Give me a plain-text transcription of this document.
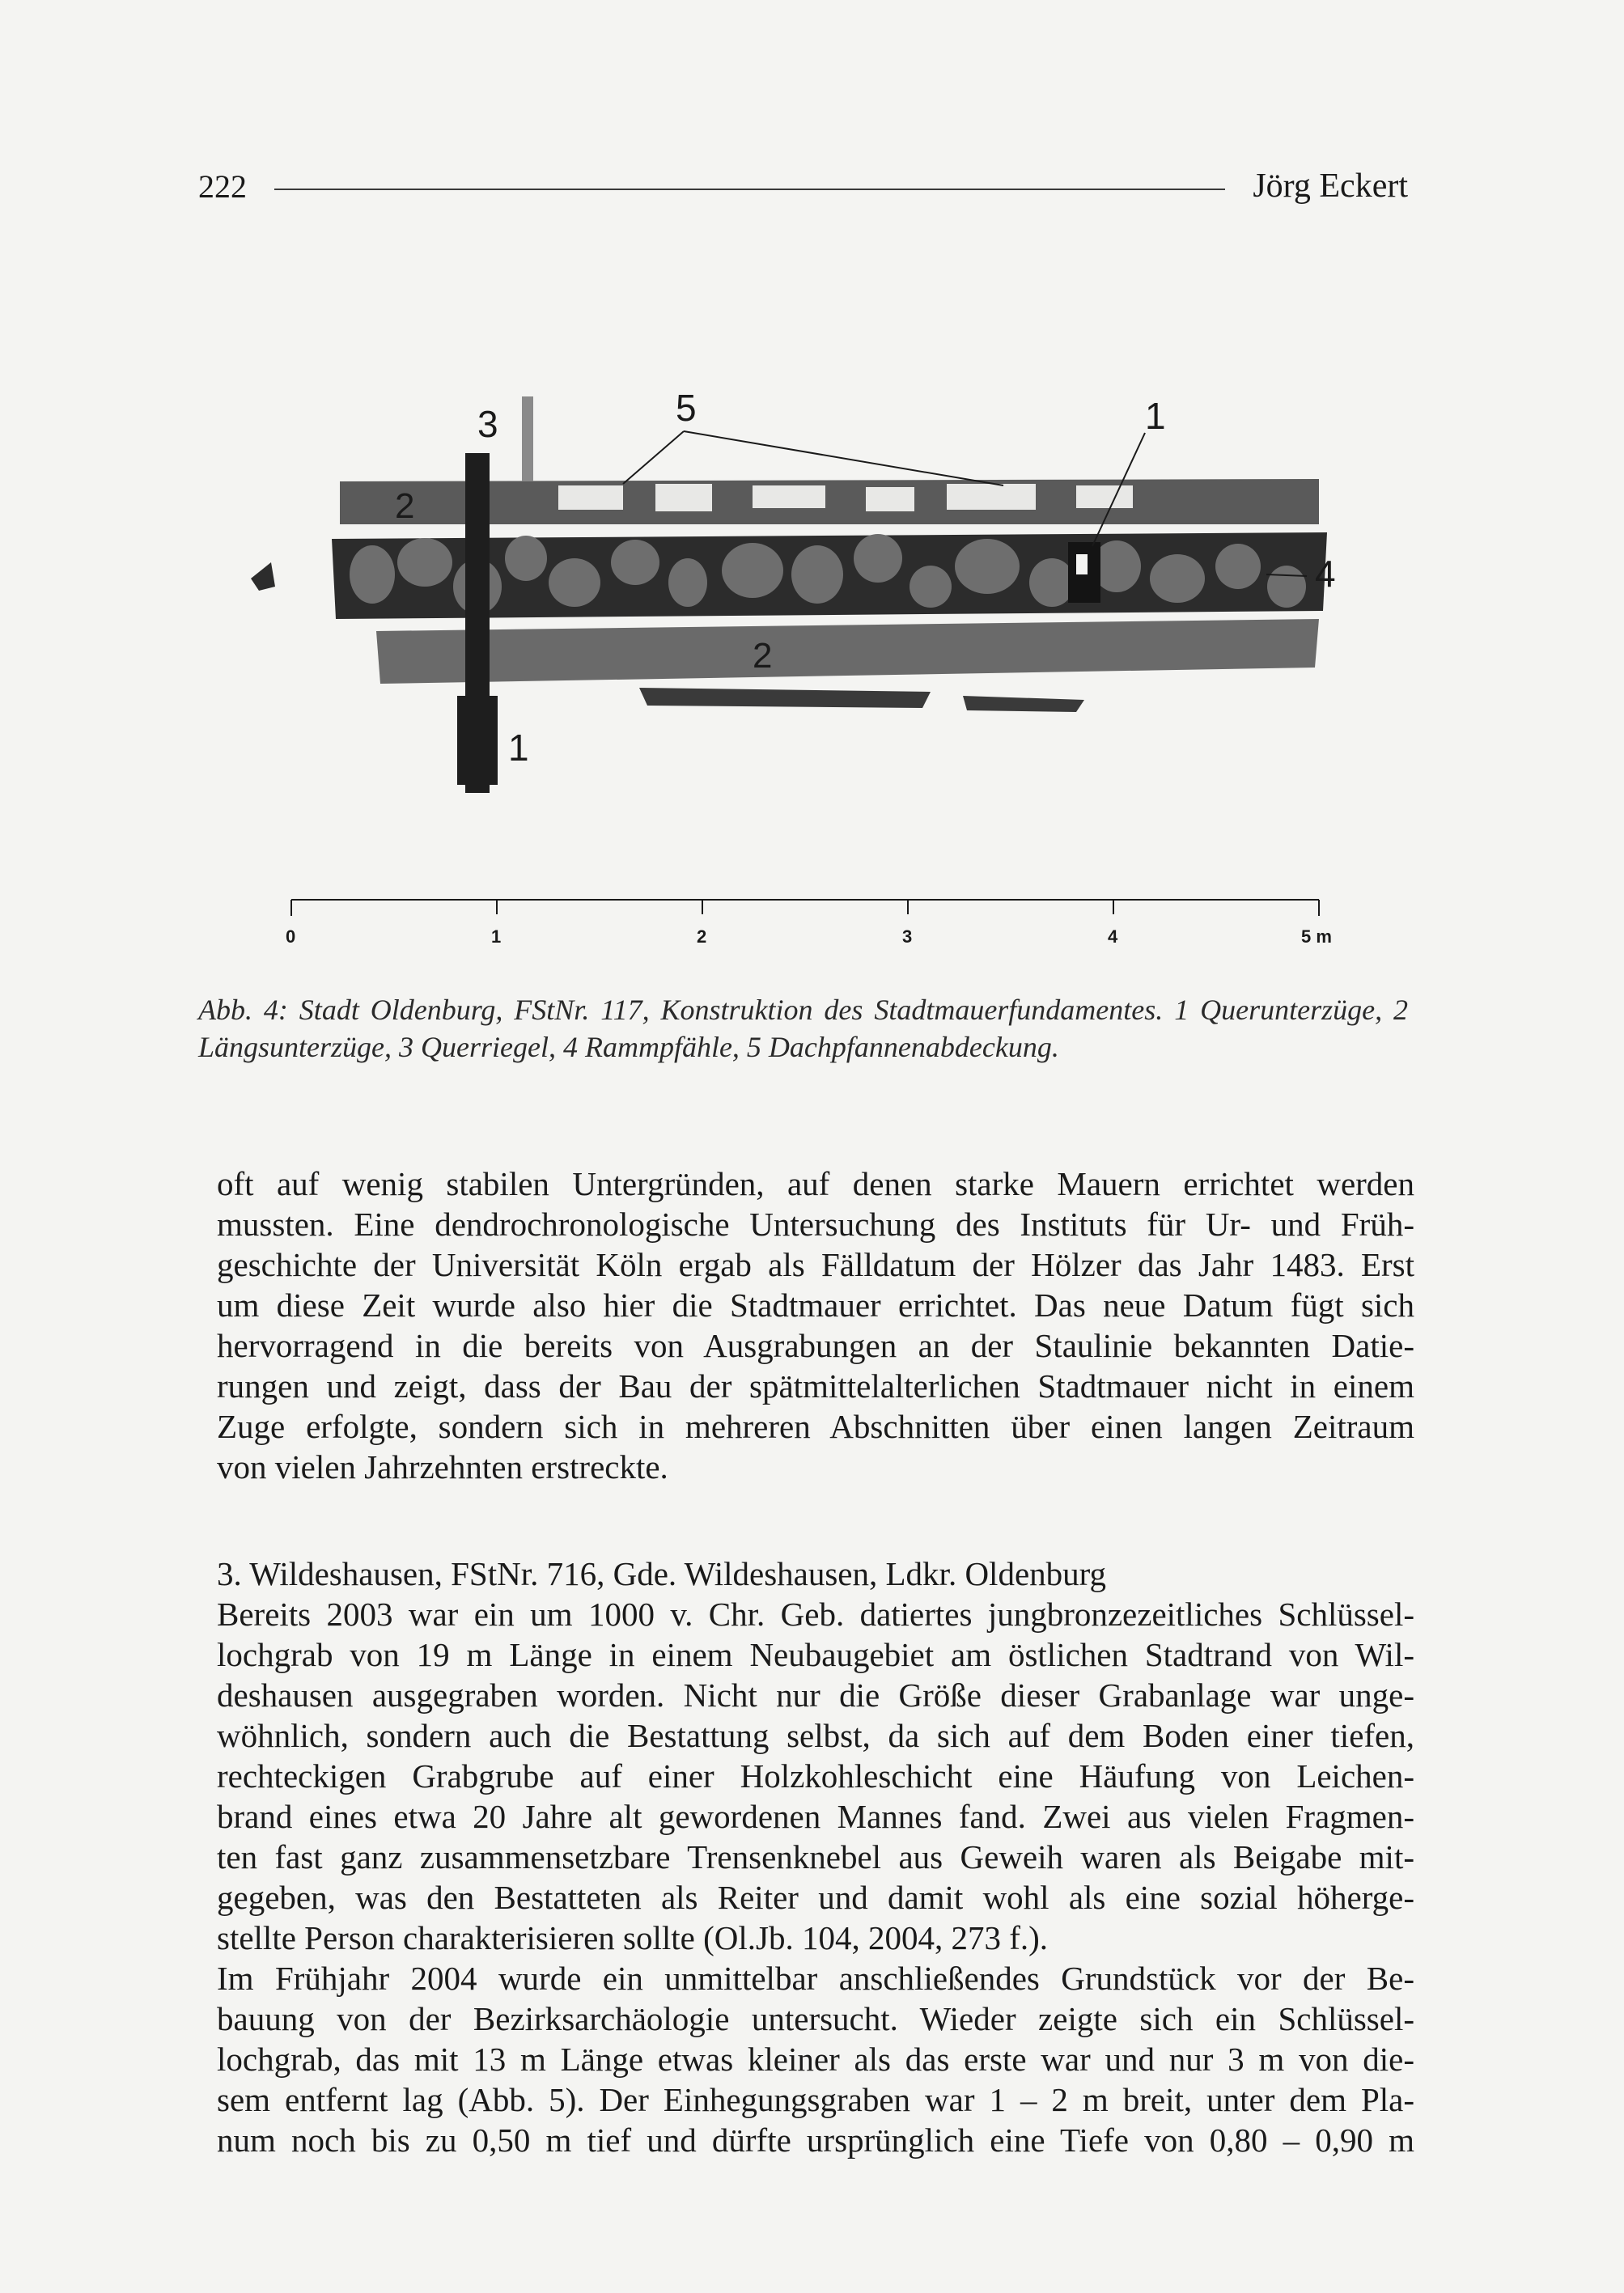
222	Jörg Eckert
3	5	1
2
4
2
1
0	1	2	3	4	5 m
Abb. 4: Stadt Oldenburg, FStNr. 117, Konstruktion des Stadtmauerfundamentes. 1 Querunterzüge, 2 Längsunterzüge, 3 Querriegel, 4 Rammpfähle, 5 Dachpfannenabdeckung.
oft auf wenig stabilen Untergründen, auf denen starke Mauern errichtet werden
mussten. Eine dendrochronologische Untersuchung des Instituts für Ur- und Früh-
geschichte der Universität Köln ergab als Fälldatum der Hölzer das Jahr 1483. Erst
um diese Zeit wurde also hier die Stadtmauer errichtet. Das neue Datum fügt sich
hervorragend in die bereits von Ausgrabungen an der Staulinie bekannten Datie-
rungen und zeigt, dass der Bau der spätmittelalterlichen Stadtmauer nicht in einem
Zuge erfolgte, sondern sich in mehreren Abschnitten über einen langen Zeitraum
von vielen Jahrzehnten erstreckte.
3. Wildeshausen, FStNr. 716, Gde. Wildeshausen, Ldkr. Oldenburg
Bereits 2003 war ein um 1000 v. Chr. Geb. datiertes jungbronzezeitliches Schlüssel-
lochgrab von 19 m Länge in einem Neubaugebiet am östlichen Stadtrand von Wil-
deshausen ausgegraben worden. Nicht nur die Größe dieser Grabanlage war unge-
wöhnlich, sondern auch die Bestattung selbst, da sich auf dem Boden einer tiefen,
rechteckigen Grabgrube auf einer Holzkohleschicht eine Häufung von Leichen-
brand eines etwa 20 Jahre alt gewordenen Mannes fand. Zwei aus vielen Fragmen-
ten fast ganz zusammensetzbare Trensenknebel aus Geweih waren als Beigabe mit-
gegeben, was den Bestatteten als Reiter und damit wohl als eine sozial höherge-
stellte Person charakterisieren sollte (Ol.Jb. 104, 2004, 273 f.).
Im Frühjahr 2004 wurde ein unmittelbar anschließendes Grundstück vor der Be-
bauung von der Bezirksarchäologie untersucht. Wieder zeigte sich ein Schlüssel-
lochgrab, das mit 13 m Länge etwas kleiner als das erste war und nur 3 m von die-
sem entfernt lag (Abb. 5). Der Einhegungsgraben war 1 – 2 m breit, unter dem Pla-
num noch bis zu 0,50 m tief und dürfte ursprünglich eine Tiefe von 0,80 – 0,90 m
